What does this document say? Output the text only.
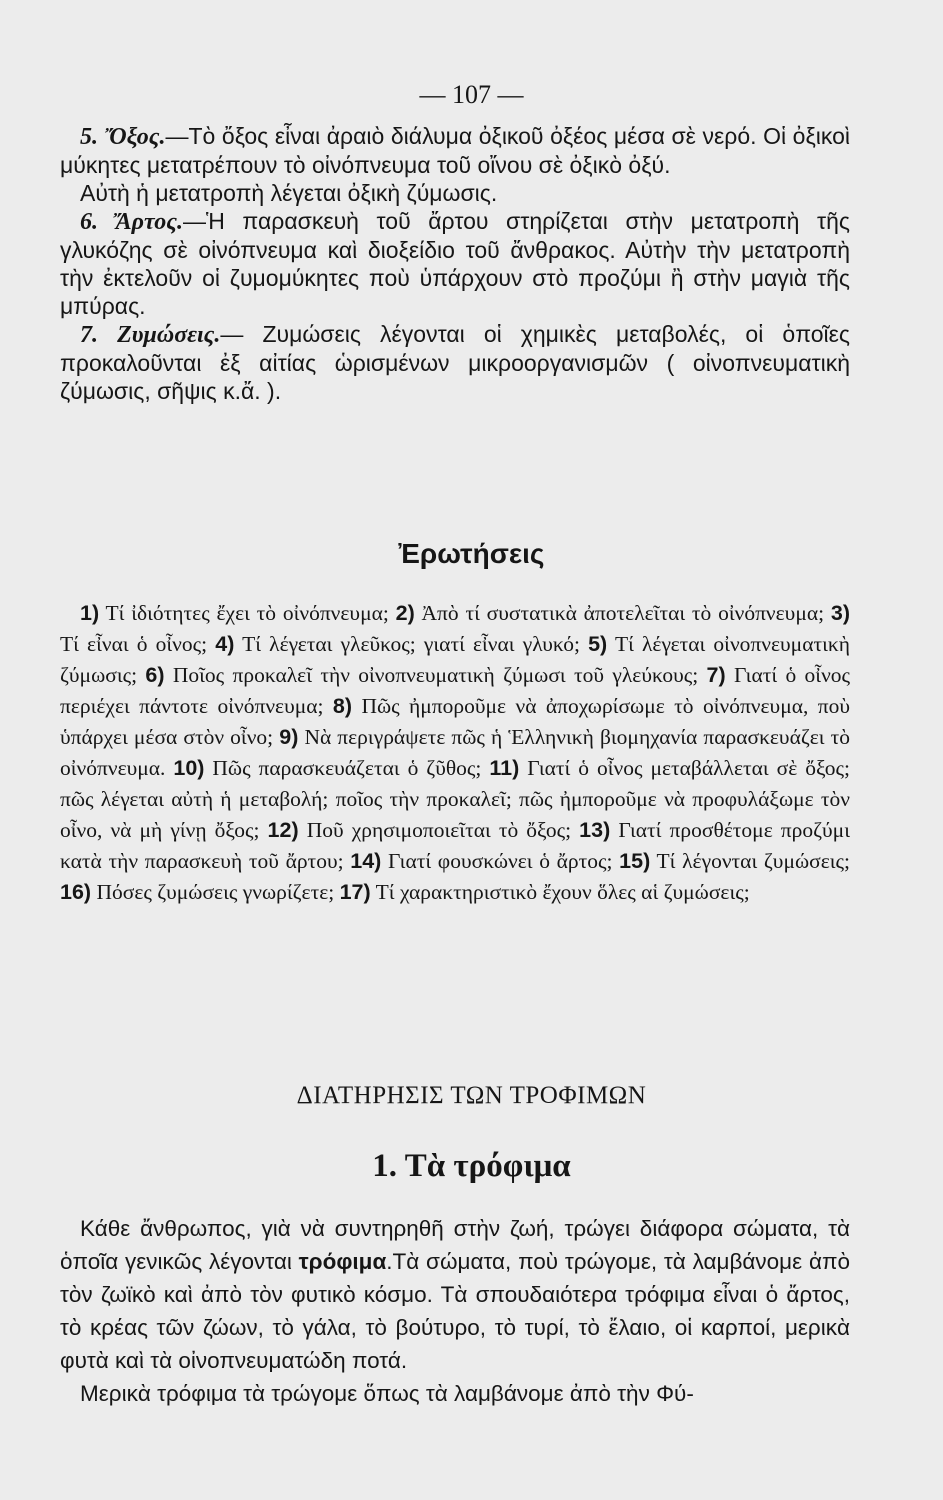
— 107 —

5. Ὄξος.—Τὸ ὄξος εἶναι ἀραιὸ διάλυμα ὀξικοῦ ὀξέος μέσα σὲ νερό. Οἱ ὀξικοὶ μύκητες μετατρέπουν τὸ οἰνόπνευμα τοῦ οἴνου σὲ ὀξικὸ ὀξύ.

Αὐτὴ ἡ μετατροπὴ λέγεται ὀξικὴ ζύμωσις.

6. Ἄρτος.—Ἡ παρασκευὴ τοῦ ἄρτου στηρίζεται στὴν μετατροπὴ τῆς γλυκόζης σὲ οἰνόπνευμα καὶ διοξείδιο τοῦ ἄνθρακος. Αὐτὴν τὴν μετατροπὴ τὴν ἐκτελοῦν οἱ ζυμομύκητες ποὺ ὑπάρχουν στὸ προζύμι ἢ στὴν μαγιὰ τῆς μπύρας.

7. Ζυμώσεις.— Ζυμώσεις λέγονται οἱ χημικὲς μεταβολές, οἱ ὁποῖες προκαλοῦνται ἐξ αἰτίας ὡρισμένων μικροοργανισμῶν ( οἰνοπνευματικὴ ζύμωσις, σῆψις κ.ἄ. ).

Ἐρωτήσεις

1) Τί ἰδιότητες ἔχει τὸ οἰνόπνευμα; 2) Ἀπὸ τί συστατικὰ ἀποτελεῖται τὸ οἰνόπνευμα; 3) Τί εἶναι ὁ οἶνος; 4) Τί λέγεται γλεῦκος; γιατί εἶναι γλυκό; 5) Τί λέγεται οἰνοπνευματικὴ ζύμωσις; 6) Ποῖος προκαλεῖ τὴν οἰνοπνευματικὴ ζύμωσι τοῦ γλεύκους; 7) Γιατί ὁ οἶνος περιέχει πάντοτε οἰνόπνευμα; 8) Πῶς ἠμποροῦμε νὰ ἀποχωρίσωμε τὸ οἰνόπνευμα, ποὺ ὑπάρχει μέσα στὸν οἶνο; 9) Νὰ περιγράψετε πῶς ἡ Ἑλληνικὴ βιομηχανία παρασκευάζει τὸ οἰνόπνευμα. 10) Πῶς παρασκευάζεται ὁ ζῦθος; 11) Γιατί ὁ οἶνος μεταβάλλεται σὲ ὄξος; πῶς λέγεται αὐτὴ ἡ μεταβολή; ποῖος τὴν προκαλεῖ; πῶς ἠμποροῦμε νὰ προφυλάξωμε τὸν οἶνο, νὰ μὴ γίνῃ ὄξος; 12) Ποῦ χρησιμοποιεῖται τὸ ὄξος; 13) Γιατί προσθέτομε προζύμι κατὰ τὴν παρασκευὴ τοῦ ἄρτου; 14) Γιατί φουσκώνει ὁ ἄρτος; 15) Τί λέγονται ζυμώσεις; 16) Πόσες ζυμώσεις γνωρίζετε; 17) Τί χαρακτηριστικὸ ἔχουν ὅλες αἱ ζυμώσεις;

ΔΙΑΤΗΡΗΣΙΣ ΤΩΝ ΤΡΟΦΙΜΩΝ
1. Τὰ τρόφιμα

Κάθε ἄνθρωπος, γιὰ νὰ συντηρηθῆ στὴν ζωή, τρώγει διάφορα σώματα, τὰ ὁποῖα γενικῶς λέγονται τρόφιμα.Τὰ σώματα, ποὺ τρώγομε, τὰ λαμβάνομε ἀπὸ τὸν ζωϊκὸ καὶ ἀπὸ τὸν φυτικὸ κόσμο. Τὰ σπουδαιότερα τρόφιμα εἶναι ὁ ἄρτος, τὸ κρέας τῶν ζώων, τὸ γάλα, τὸ βούτυρο, τὸ τυρί, τὸ ἔλαιο, οἱ καρποί, μερικὰ φυτὰ καὶ τὰ οἰνοπνευματώδη ποτά.

Μερικὰ τρόφιμα τὰ τρώγομε ὅπως τὰ λαμβάνομε ἀπὸ τὴν Φύ-
